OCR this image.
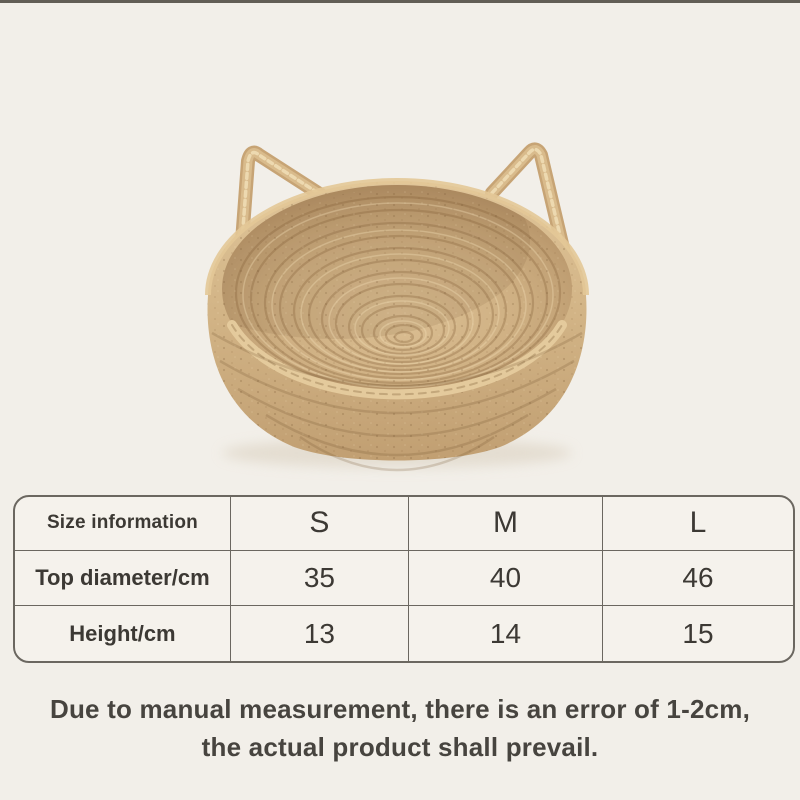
Size information	S	M	L
Top diameter/cm	35	40	46
Height/cm	13	14	15
Due to manual measurement, there is an error of 1-2cm,
the actual product shall prevail.
